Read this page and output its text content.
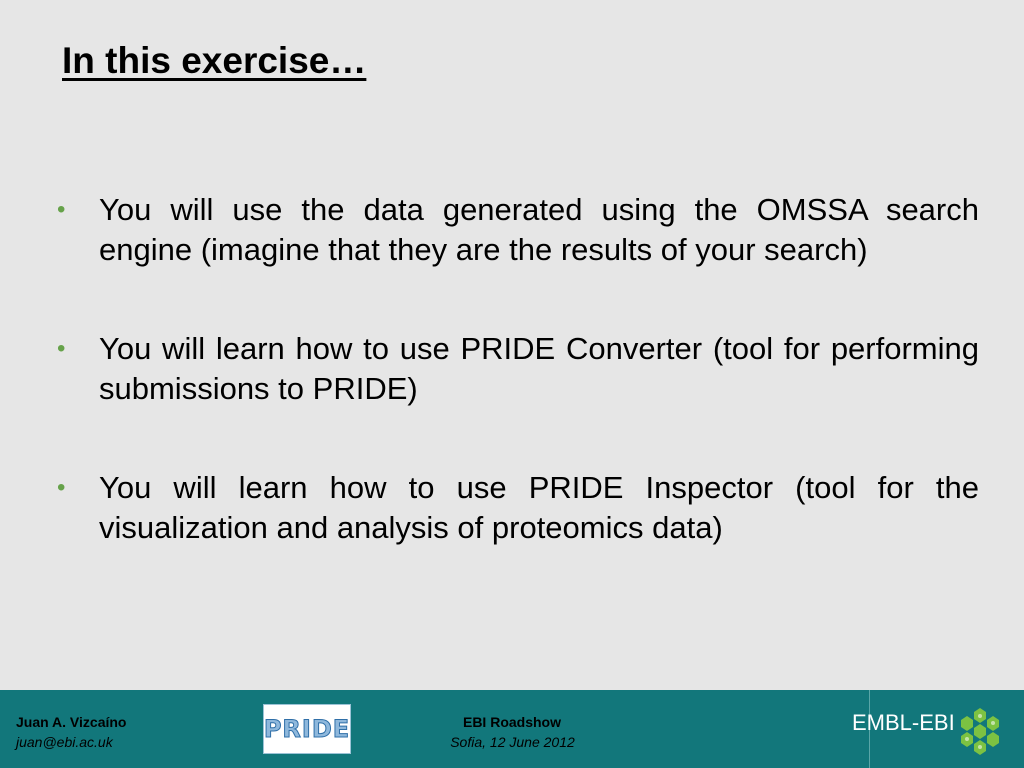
In this exercise…
• You will use the data generated using the OMSSA search engine (imagine that they are the results of your search)
• You will learn how to use PRIDE Converter (tool for performing submissions to PRIDE)
• You will learn how to use PRIDE Inspector (tool for the visualization and analysis of proteomics data)
Juan A. Vizcaíno
juan@ebi.ac.uk	PRIDE	EBI Roadshow
Sofia, 12 June 2012
EMBL-EBI
